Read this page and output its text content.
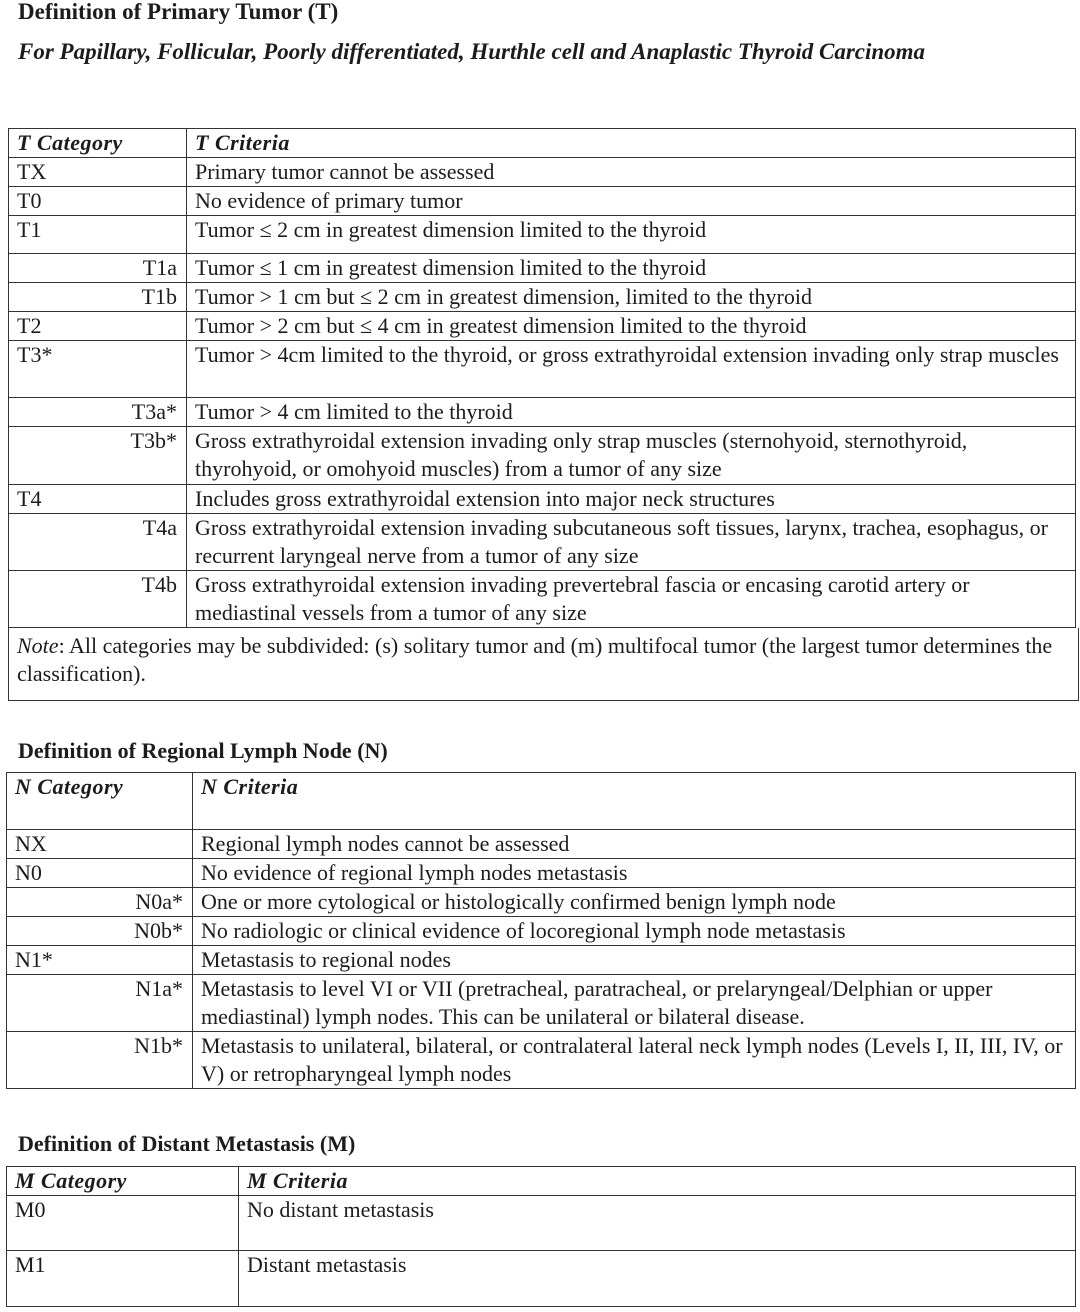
Definition of Primary Tumor (T)
For Papillary, Follicular, Poorly differentiated, Hurthle cell and Anaplastic Thyroid Carcinoma
T Category	T Criteria
TX	Primary tumor cannot be assessed
T0	No evidence of primary tumor
T1	Tumor ≤ 2 cm in greatest dimension limited to the thyroid
T1a	Tumor ≤ 1 cm in greatest dimension limited to the thyroid
T1b	Tumor > 1 cm but ≤ 2 cm in greatest dimension, limited to the thyroid
T2	Tumor > 2 cm but ≤ 4 cm in greatest dimension limited to the thyroid
T3*	Tumor > 4cm limited to the thyroid, or gross extrathyroidal extension invading only strap muscles
T3a*	Tumor > 4 cm limited to the thyroid
T3b*	Gross extrathyroidal extension invading only strap muscles (sternohyoid, sternothyroid, thyrohyoid, or omohyoid muscles) from a tumor of any size
T4	Includes gross extrathyroidal extension into major neck structures
T4a	Gross extrathyroidal extension invading subcutaneous soft tissues, larynx, trachea, esophagus, or recurrent laryngeal nerve from a tumor of any size
T4b	Gross extrathyroidal extension invading prevertebral fascia or encasing carotid artery or mediastinal vessels from a tumor of any size
Note: All categories may be subdivided: (s) solitary tumor and (m) multifocal tumor (the largest tumor determines the classification).
Definition of Regional Lymph Node (N)
N Category	N Criteria
NX	Regional lymph nodes cannot be assessed
N0	No evidence of regional lymph nodes metastasis
N0a*	One or more cytological or histologically confirmed benign lymph node
N0b*	No radiologic or clinical evidence of locoregional lymph node metastasis
N1*	Metastasis to regional nodes
N1a*	Metastasis to level VI or VII (pretracheal, paratracheal, or prelaryngeal/Delphian or upper mediastinal) lymph nodes. This can be unilateral or bilateral disease.
N1b*	Metastasis to unilateral, bilateral, or contralateral lateral neck lymph nodes (Levels I, II, III, IV, or V) or retropharyngeal lymph nodes
Definition of Distant Metastasis (M)
M Category	M Criteria
M0	No distant metastasis
M1	Distant metastasis
